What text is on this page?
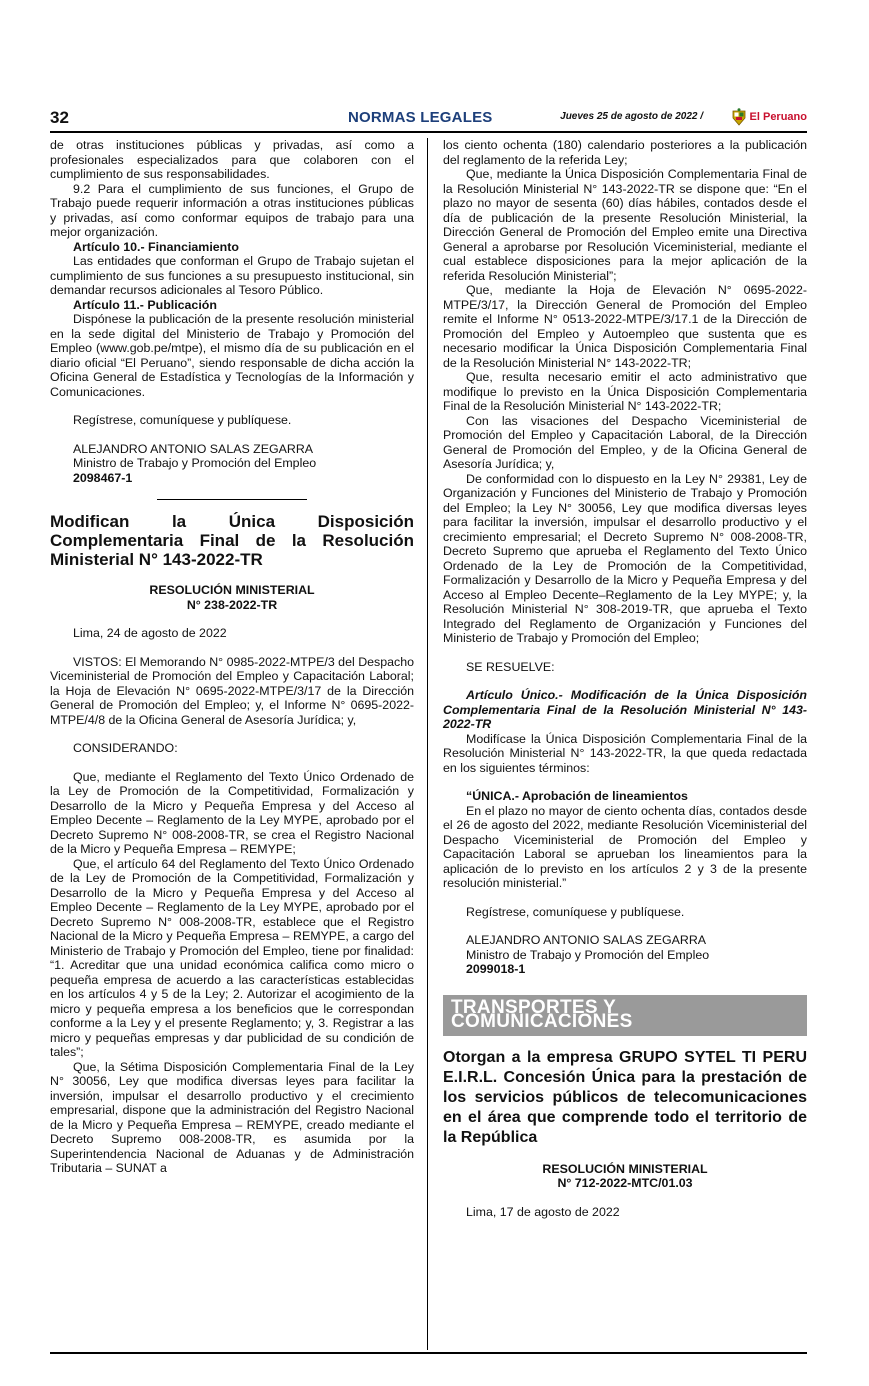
32	NORMAS LEGALES	Jueves 25 de agosto de 2022 /	El Peruano

de otras instituciones públicas y privadas, así como a profesionales especializados para que colaboren con el cumplimiento de sus responsabilidades.

9.2 Para el cumplimiento de sus funciones, el Grupo de Trabajo puede requerir información a otras instituciones públicas y privadas, así como conformar equipos de trabajo para una mejor organización.

Artículo 10.- Financiamiento

Las entidades que conforman el Grupo de Trabajo sujetan el cumplimiento de sus funciones a su presupuesto institucional, sin demandar recursos adicionales al Tesoro Público.

Artículo 11.- Publicación

Dispónese la publicación de la presente resolución ministerial en la sede digital del Ministerio de Trabajo y Promoción del Empleo (www.gob.pe/mtpe), el mismo día de su publicación en el diario oficial “El Peruano”, siendo responsable de dicha acción la Oficina General de Estadística y Tecnologías de la Información y Comunicaciones.

Regístrese, comuníquese y publíquese.

ALEJANDRO ANTONIO SALAS ZEGARRA

Ministro de Trabajo y Promoción del Empleo

2098467-1

Modifican la Única Disposición Complementaria Final de la Resolución Ministerial N° 143-2022-TR
RESOLUCIÓN MINISTERIAL
N° 238-2022-TR

Lima, 24 de agosto de 2022

VISTOS: El Memorando N° 0985-2022-MTPE/3 del Despacho Viceministerial de Promoción del Empleo y Capacitación Laboral; la Hoja de Elevación N° 0695-2022-MTPE/3/17 de la Dirección General de Promoción del Empleo; y, el Informe N° 0695-2022-MTPE/4/8 de la Oficina General de Asesoría Jurídica; y,

CONSIDERANDO:

Que, mediante el Reglamento del Texto Único Ordenado de la Ley de Promoción de la Competitividad, Formalización y Desarrollo de la Micro y Pequeña Empresa y del Acceso al Empleo Decente – Reglamento de la Ley MYPE, aprobado por el Decreto Supremo N° 008-2008-TR, se crea el Registro Nacional de la Micro y Pequeña Empresa – REMYPE;

Que, el artículo 64 del Reglamento del Texto Único Ordenado de la Ley de Promoción de la Competitividad, Formalización y Desarrollo de la Micro y Pequeña Empresa y del Acceso al Empleo Decente – Reglamento de la Ley MYPE, aprobado por el Decreto Supremo N° 008-2008-TR, establece que el Registro Nacional de la Micro y Pequeña Empresa – REMYPE, a cargo del Ministerio de Trabajo y Promoción del Empleo, tiene por finalidad: “1. Acreditar que una unidad económica califica como micro o pequeña empresa de acuerdo a las características establecidas en los artículos 4 y 5 de la Ley; 2. Autorizar el acogimiento de la micro y pequeña empresa a los beneficios que le correspondan conforme a la Ley y el presente Reglamento; y, 3. Registrar a las micro y pequeñas empresas y dar publicidad de su condición de tales”;

Que, la Sétima Disposición Complementaria Final de la Ley N° 30056, Ley que modifica diversas leyes para facilitar la inversión, impulsar el desarrollo productivo y el crecimiento empresarial, dispone que la administración del Registro Nacional de la Micro y Pequeña Empresa – REMYPE, creado mediante el Decreto Supremo 008-2008-TR, es asumida por la Superintendencia Nacional de Aduanas y de Administración Tributaria – SUNAT a

los ciento ochenta (180) calendario posteriores a la publicación del reglamento de la referida Ley;

Que, mediante la Única Disposición Complementaria Final de la Resolución Ministerial N° 143-2022-TR se dispone que: “En el plazo no mayor de sesenta (60) días hábiles, contados desde el día de publicación de la presente Resolución Ministerial, la Dirección General de Promoción del Empleo emite una Directiva General a aprobarse por Resolución Viceministerial, mediante el cual establece disposiciones para la mejor aplicación de la referida Resolución Ministerial”;

Que, mediante la Hoja de Elevación N° 0695-2022-MTPE/3/17, la Dirección General de Promoción del Empleo remite el Informe N° 0513-2022-MTPE/3/17.1 de la Dirección de Promoción del Empleo y Autoempleo que sustenta que es necesario modificar la Única Disposición Complementaria Final de la Resolución Ministerial N° 143-2022-TR;

Que, resulta necesario emitir el acto administrativo que modifique lo previsto en la Única Disposición Complementaria Final de la Resolución Ministerial N° 143-2022-TR;

Con las visaciones del Despacho Viceministerial de Promoción del Empleo y Capacitación Laboral, de la Dirección General de Promoción del Empleo, y de la Oficina General de Asesoría Jurídica; y,

De conformidad con lo dispuesto en la Ley N° 29381, Ley de Organización y Funciones del Ministerio de Trabajo y Promoción del Empleo; la Ley N° 30056, Ley que modifica diversas leyes para facilitar la inversión, impulsar el desarrollo productivo y el crecimiento empresarial; el Decreto Supremo N° 008-2008-TR, Decreto Supremo que aprueba el Reglamento del Texto Único Ordenado de la Ley de Promoción de la Competitividad, Formalización y Desarrollo de la Micro y Pequeña Empresa y del Acceso al Empleo Decente–Reglamento de la Ley MYPE; y, la Resolución Ministerial N° 308-2019-TR, que aprueba el Texto Integrado del Reglamento de Organización y Funciones del Ministerio de Trabajo y Promoción del Empleo;

SE RESUELVE:

Artículo Único.- Modificación de la Única Disposición Complementaria Final de la Resolución Ministerial N° 143-2022-TR

Modifícase la Única Disposición Complementaria Final de la Resolución Ministerial N° 143-2022-TR, la que queda redactada en los siguientes términos:

“ÚNICA.- Aprobación de lineamientos

En el plazo no mayor de ciento ochenta días, contados desde el 26 de agosto del 2022, mediante Resolución Viceministerial del Despacho Viceministerial de Promoción del Empleo y Capacitación Laboral se aprueban los lineamientos para la aplicación de lo previsto en los artículos 2 y 3 de la presente resolución ministerial.”

Regístrese, comuníquese y publíquese.

ALEJANDRO ANTONIO SALAS ZEGARRA

Ministro de Trabajo y Promoción del Empleo

2099018-1

TRANSPORTES Y COMUNICACIONES
Otorgan a la empresa GRUPO SYTEL TI PERU E.I.R.L. Concesión Única para la prestación de los servicios públicos de telecomunicaciones en el área que comprende todo el territorio de la República
RESOLUCIÓN MINISTERIAL
N° 712-2022-MTC/01.03

Lima, 17 de agosto de 2022
